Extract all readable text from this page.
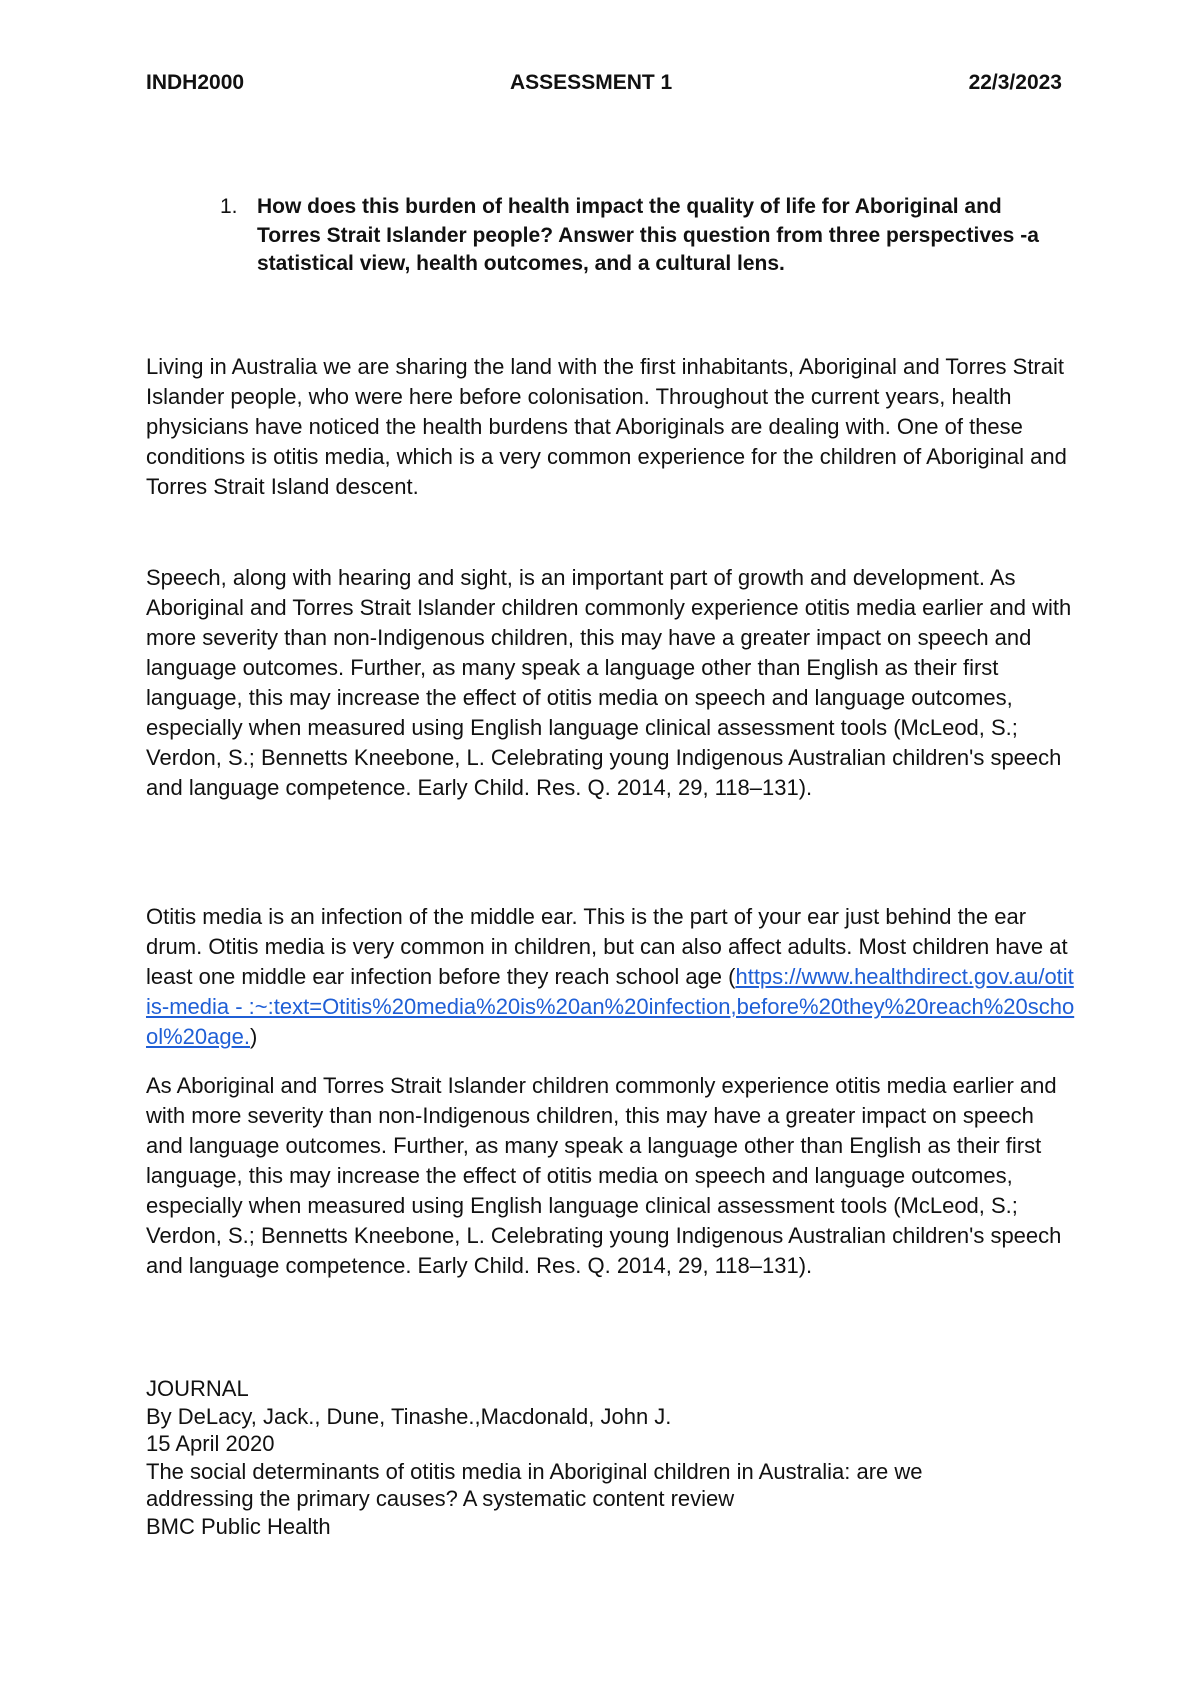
INDH2000	ASSESSMENT 1	22/3/2023
1. How does this burden of health impact the quality of life for Aboriginal and Torres Strait Islander people? Answer this question from three perspectives -a statistical view, health outcomes, and a cultural lens.

Living in Australia we are sharing the land with the first inhabitants, Aboriginal and Torres Strait Islander people, who were here before colonisation. Throughout the current years, health physicians have noticed the health burdens that Aboriginals are dealing with. One of these conditions is otitis media, which is a very common experience for the children of Aboriginal and Torres Strait Island descent.

Speech, along with hearing and sight, is an important part of growth and development. As Aboriginal and Torres Strait Islander children commonly experience otitis media earlier and with more severity than non-Indigenous children, this may have a greater impact on speech and language outcomes. Further, as many speak a language other than English as their first language, this may increase the effect of otitis media on speech and language outcomes, especially when measured using English language clinical assessment tools (McLeod, S.; Verdon, S.; Bennetts Kneebone, L. Celebrating young Indigenous Australian children's speech and language competence. Early Child. Res. Q. 2014, 29, 118–131).

Otitis media is an infection of the middle ear. This is the part of your ear just behind the ear drum. Otitis media is very common in children, but can also affect adults. Most children have at least one middle ear infection before they reach school age (https://www.healthdirect.gov.au/otitis-media - :~:text=Otitis%20media%20is%20an%20infection,before%20they%20reach%20school%20age.)

As Aboriginal and Torres Strait Islander children commonly experience otitis media earlier and with more severity than non-Indigenous children, this may have a greater impact on speech and language outcomes. Further, as many speak a language other than English as their first language, this may increase the effect of otitis media on speech and language outcomes, especially when measured using English language clinical assessment tools (McLeod, S.; Verdon, S.; Bennetts Kneebone, L. Celebrating young Indigenous Australian children's speech and language competence. Early Child. Res. Q. 2014, 29, 118–131).

JOURNAL
By DeLacy, Jack., Dune, Tinashe.,Macdonald, John J.
15 April 2020
The social determinants of otitis media in Aboriginal children in Australia: are we
addressing the primary causes? A systematic content review
BMC Public Health
